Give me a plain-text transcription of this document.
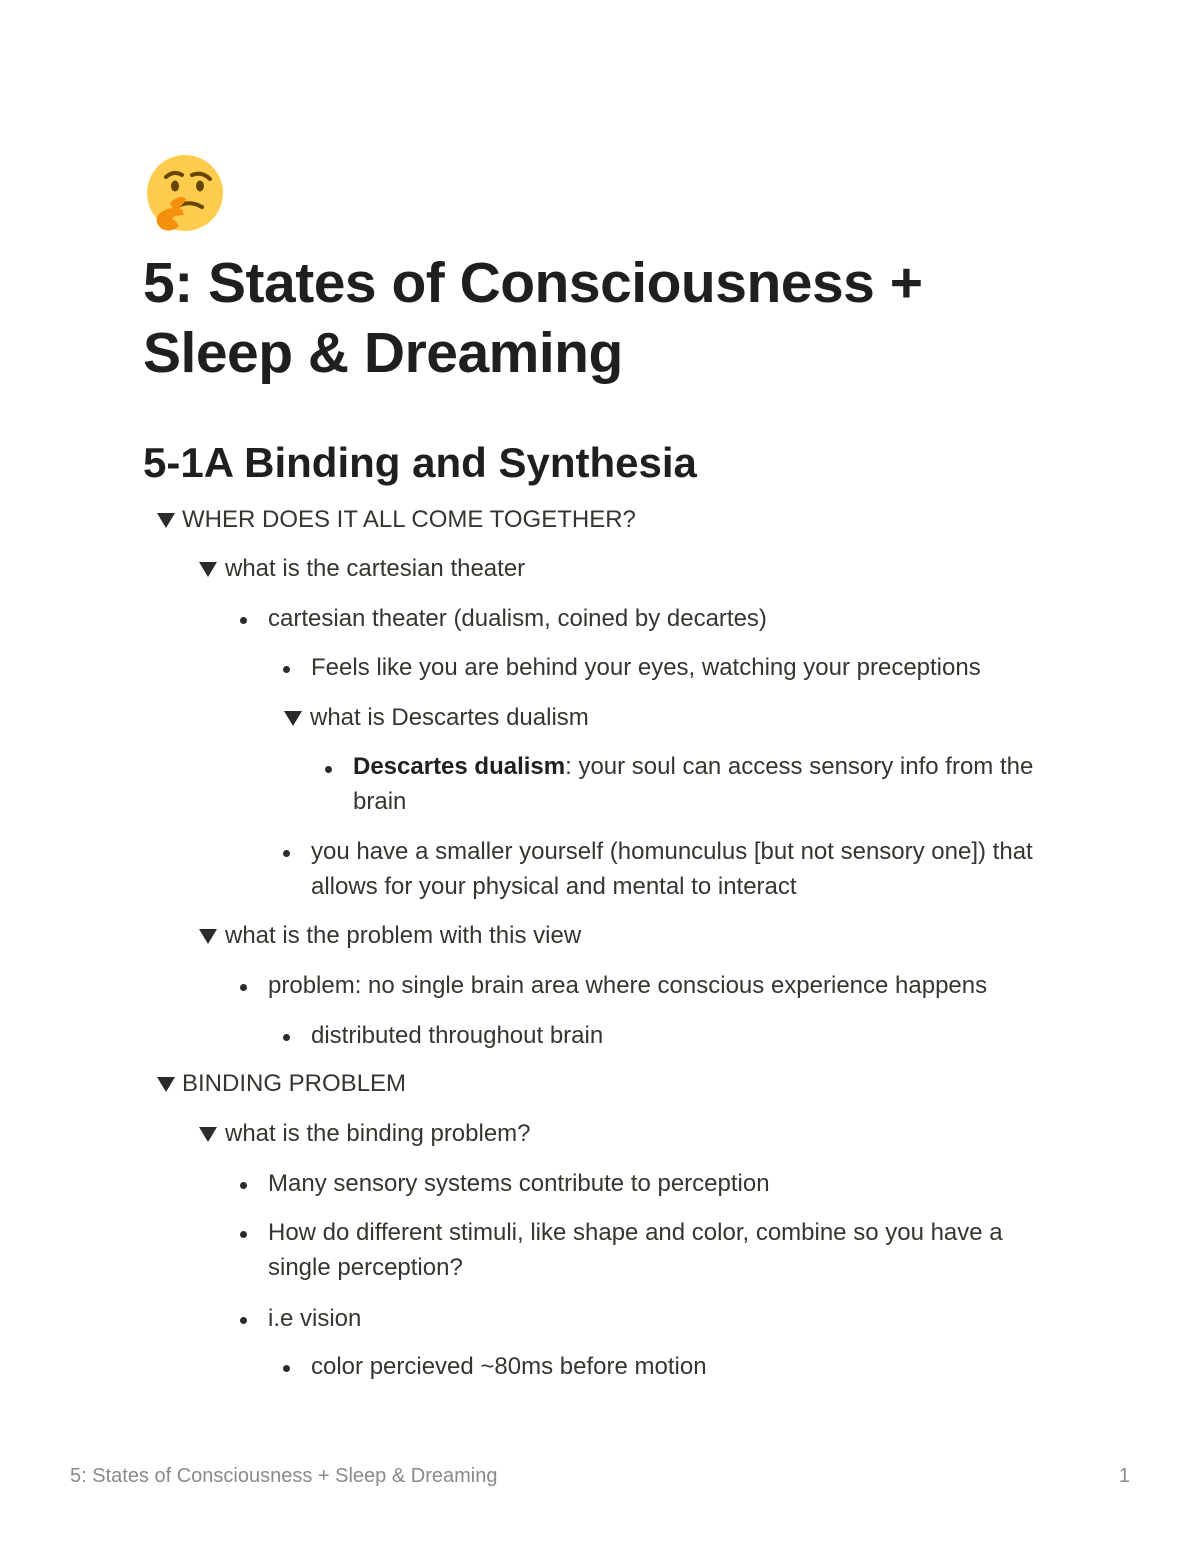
5: States of Consciousness + Sleep & Dreaming
5-1A Binding and Synthesia
WHER DOES IT ALL COME TOGETHER?
what is the cartesian theater
cartesian theater (dualism, coined by decartes)
Feels like you are behind your eyes, watching your preceptions
what is Descartes dualism
Descartes dualism: your soul can access sensory info from the brain
you have a smaller yourself (homunculus [but not sensory one]) that allows for your physical and mental to interact
what is the problem with this view
problem: no single brain area where conscious experience happens
distributed throughout brain
BINDING PROBLEM
what is the binding problem?
Many sensory systems contribute to perception
How do different stimuli, like shape and color, combine so you have a single perception?
i.e vision
color percieved ~80ms before motion
5: States of Consciousness + Sleep & Dreaming	1
